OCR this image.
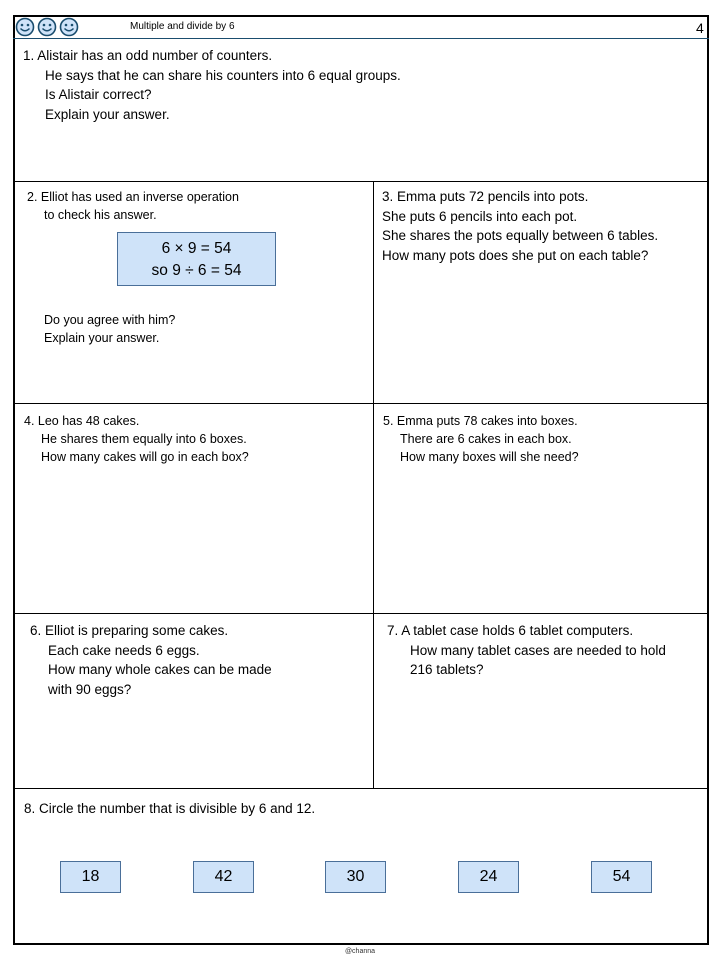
Multiple and divide by 6	4

1. Alistair has an odd number of counters.

He says that he can share his counters into 6 equal groups.

Is Alistair correct?

Explain your answer.

2. Elliot has used an inverse operation

to check his answer.

6 × 9 = 54

so 9 ÷ 6 = 54

Do you agree with him?

Explain your answer.

3. Emma puts 72 pencils into pots.

She puts 6 pencils into each pot.

She shares the pots equally between 6 tables.

How many pots does she put on each table?

4. Leo has 48 cakes.

He shares them equally into 6 boxes.

How many cakes will go in each box?

5. Emma puts 78 cakes into boxes.

There are 6 cakes in each box.

How many boxes will she need?

6. Elliot is preparing some cakes.

Each cake needs 6 eggs.

How many whole cakes can be made

with 90 eggs?

7. A tablet case holds 6 tablet computers.

How many tablet cases are needed to hold

216 tablets?

8. Circle the number that is divisible by 6 and 12.

18	42	30	24	54
@channa
